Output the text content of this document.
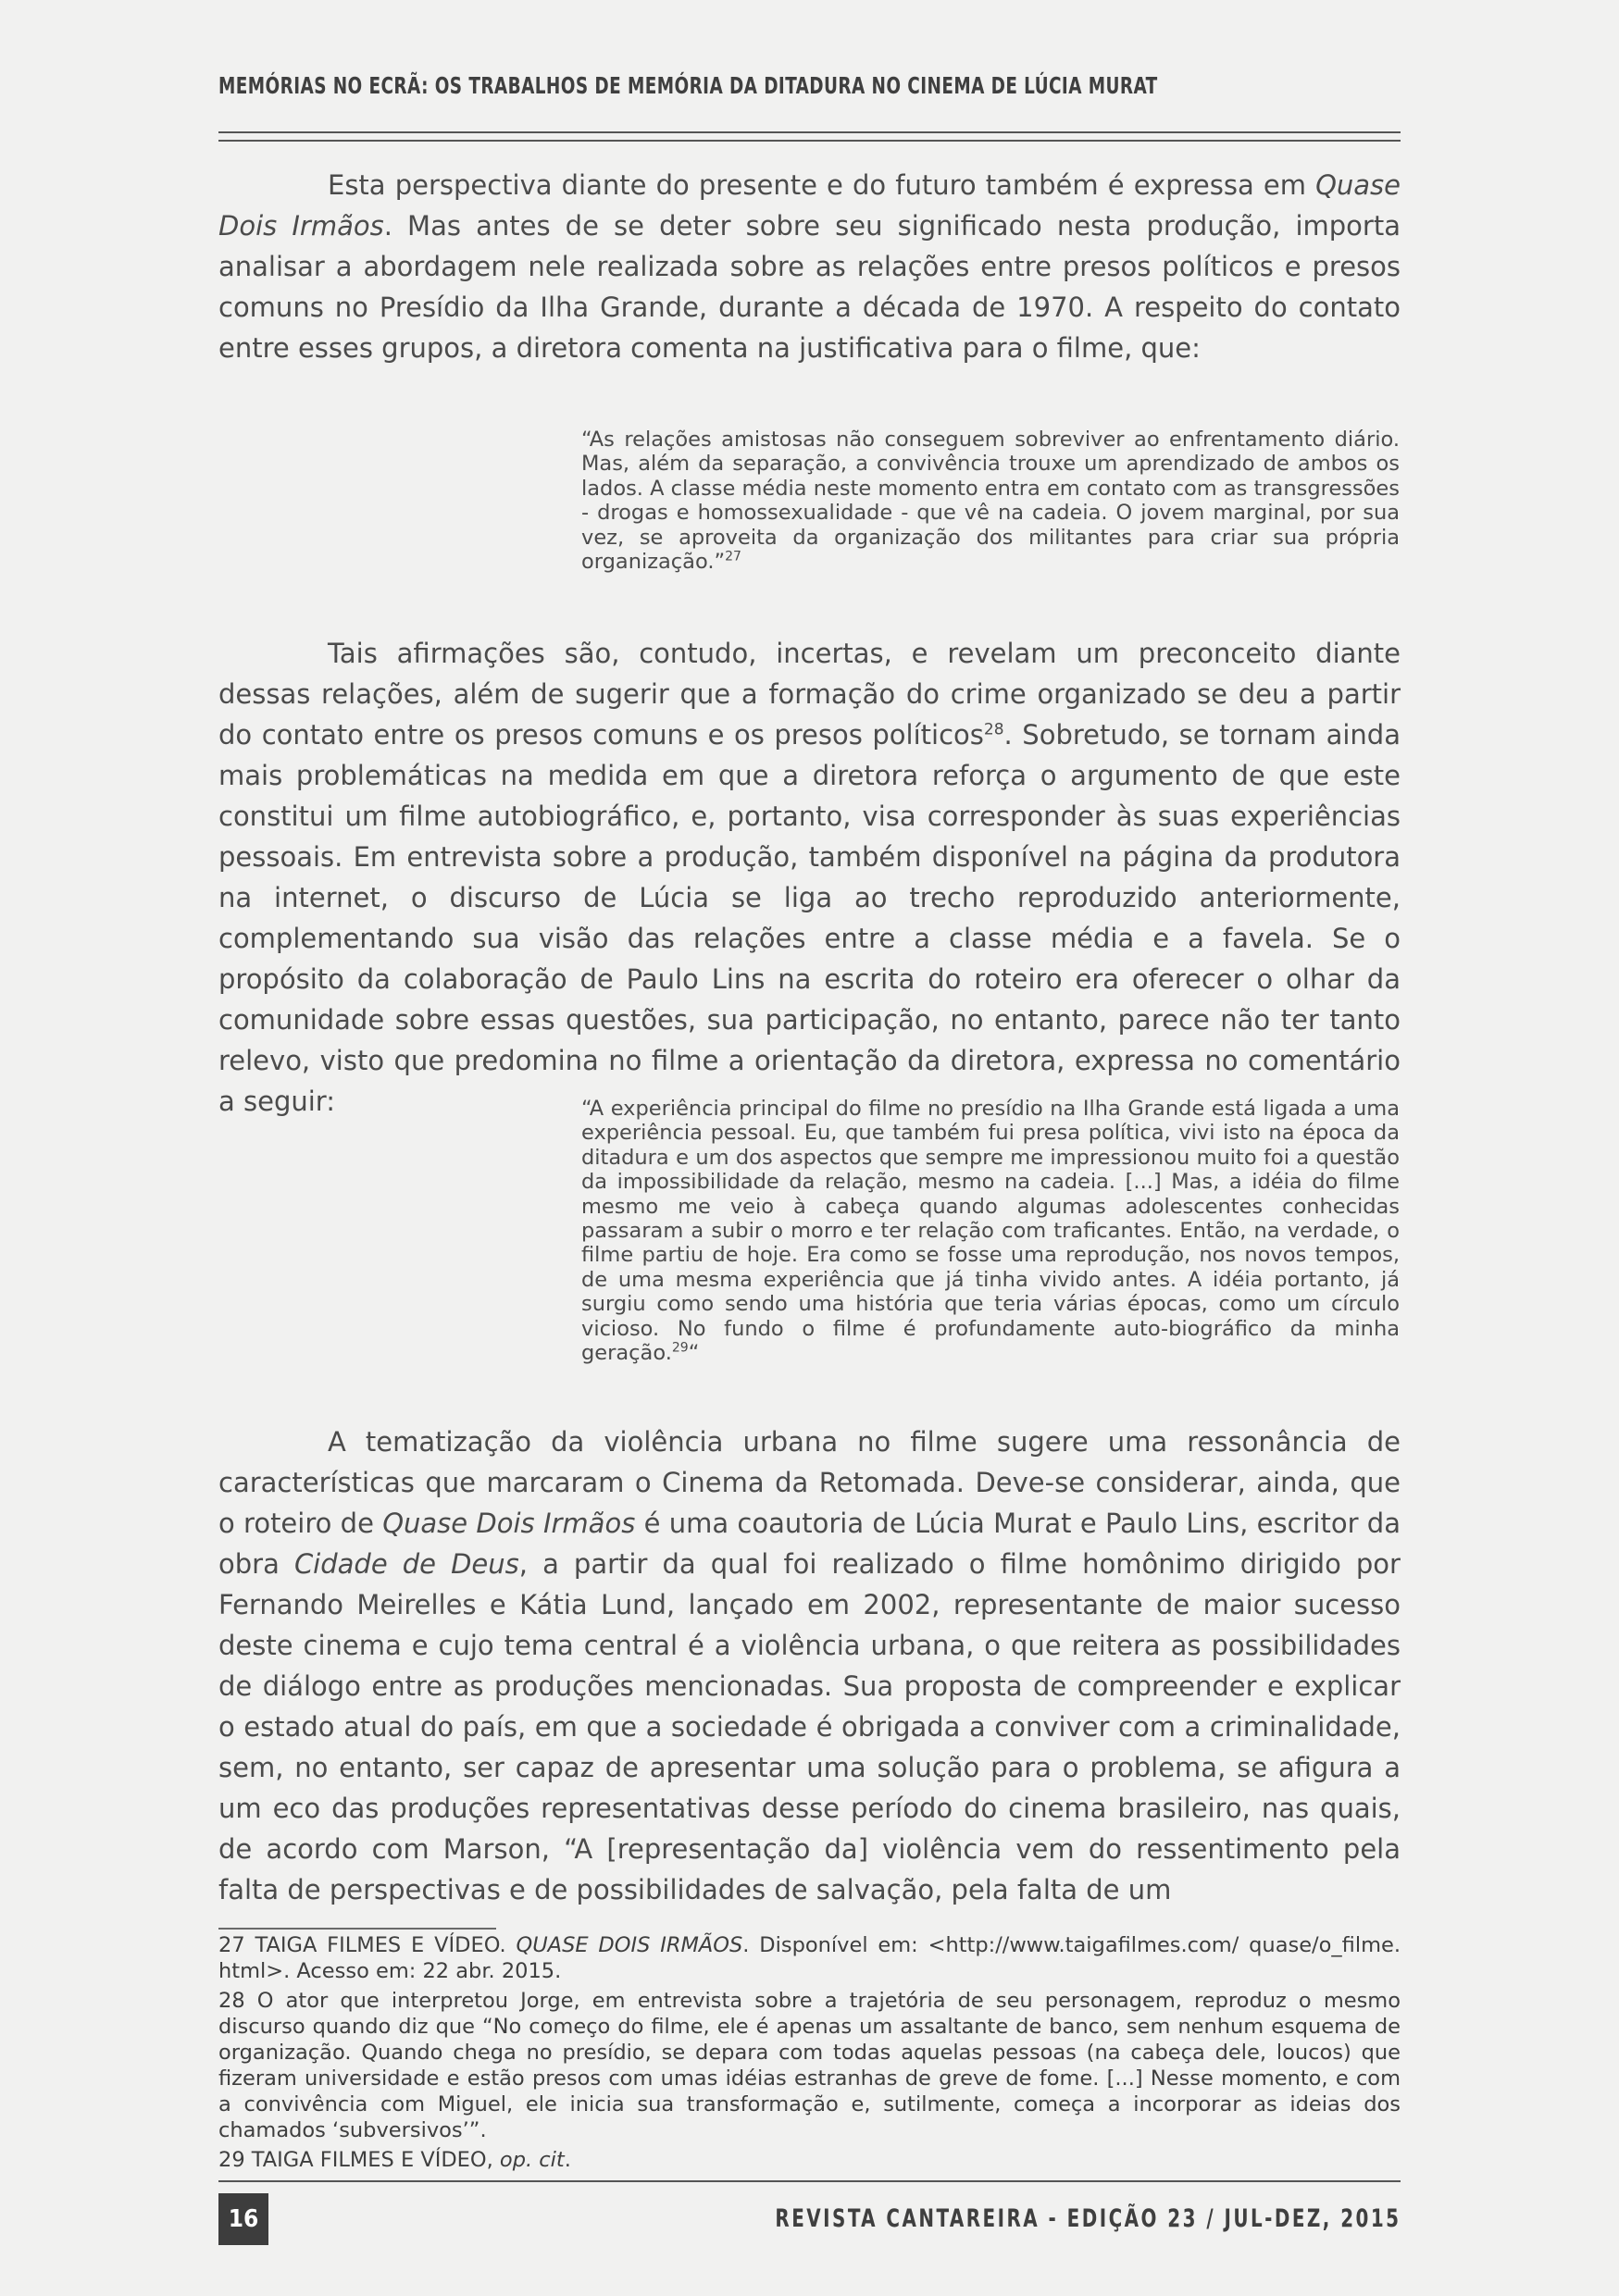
MEMÓRIAS NO ECRÃ: OS TRABALHOS DE MEMÓRIA DA DITADURA NO CINEMA DE LÚCIA MURAT

Esta perspectiva diante do presente e do futuro também é expressa em Quase Dois Irmãos. Mas antes de se deter sobre seu significado nesta produção, importa analisar a abordagem nele realizada sobre as relações entre presos políticos e presos comuns no Presídio da Ilha Grande, durante a década de 1970. A respeito do contato entre esses grupos, a diretora comenta na justificativa para o filme, que:

“As relações amistosas não conseguem sobreviver ao enfrentamento diário. Mas, além da separação, a convivência trouxe um aprendizado de ambos os lados. A classe média neste momento entra em contato com as transgressões - drogas e homossexualidade - que vê na cadeia. O jovem marginal, por sua vez, se aproveita da organização dos militantes para criar sua própria organização.”$^{27}$

Tais afirmações são, contudo, incertas, e revelam um preconceito diante dessas relações, além de sugerir que a formação do crime organizado se deu a partir do contato entre os presos comuns e os presos políticos$^{28}$. Sobretudo, se tornam ainda mais problemáticas na medida em que a diretora reforça o argumento de que este constitui um filme autobiográfico, e, portanto, visa corresponder às suas experiências pessoais. Em entrevista sobre a produção, também disponível na página da produtora na internet, o discurso de Lúcia se liga ao trecho reproduzido anteriormente, complementando sua visão das relações entre a classe média e a favela. Se o propósito da colaboração de Paulo Lins na escrita do roteiro era oferecer o olhar da comunidade sobre essas questões, sua participação, no entanto, parece não ter tanto relevo, visto que predomina no filme a orientação da diretora, expressa no comentário a seguir:	“A experiência principal do filme no presídio na Ilha Grande está ligada a uma experiência pessoal. Eu, que também fui presa política, vivi isto na época da ditadura e um dos aspectos que sempre me impressionou muito foi a questão da impossibilidade da relação, mesmo na cadeia. [...] Mas, a idéia do filme mesmo me veio à cabeça quando algumas adolescentes conhecidas passaram a subir o morro e ter relação com traficantes. Então, na verdade, o filme partiu de hoje. Era como se fosse uma reprodução, nos novos tempos, de uma mesma experiência que já tinha vivido antes. A idéia portanto, já surgiu como sendo uma história que teria várias épocas, como um círculo vicioso. No fundo o filme é profundamente auto-biográfico da minha geração.$^{29}$“

A tematização da violência urbana no filme sugere uma ressonância de características que marcaram o Cinema da Retomada. Deve-se considerar, ainda, que o roteiro de Quase Dois Irmãos é uma coautoria de Lúcia Murat e Paulo Lins, escritor da obra Cidade de Deus, a partir da qual foi realizado o filme homônimo dirigido por Fernando Meirelles e Kátia Lund, lançado em 2002, representante de maior sucesso deste cinema e cujo tema central é a violência urbana, o que reitera as possibilidades de diálogo entre as produções mencionadas. Sua proposta de compreender e explicar o estado atual do país, em que a sociedade é obrigada a conviver com a criminalidade, sem, no entanto, ser capaz de apresentar uma solução para o problema, se afigura a um eco das produções representativas desse período do cinema brasileiro, nas quais, de acordo com Marson, “A [representação da] violência vem do ressentimento pela falta de perspectivas e de possibilidades de salvação, pela falta de um

27 TAIGA FILMES E VÍDEO. QUASE DOIS IRMÃOS. Disponível em: <http://www.taigafilmes.com/ quase/o_filme. html>. Acesso em: 22 abr. 2015.

28 O ator que interpretou Jorge, em entrevista sobre a trajetória de seu personagem, reproduz o mesmo discurso quando diz que “No começo do filme, ele é apenas um assaltante de banco, sem nenhum esquema de organização. Quando chega no presídio, se depara com todas aquelas pessoas (na cabeça dele, loucos) que fizeram universidade e estão presos com umas idéias estranhas de greve de fome. [...] Nesse momento, e com a convivência com Miguel, ele inicia sua transformação e, sutilmente, começa a incorporar as ideias dos chamados ‘subversivos’”.

29 TAIGA FILMES E VÍDEO, op. cit.

16	REVISTA CANTAREIRA - EDIÇÃO 23 / JUL-DEZ, 2015
